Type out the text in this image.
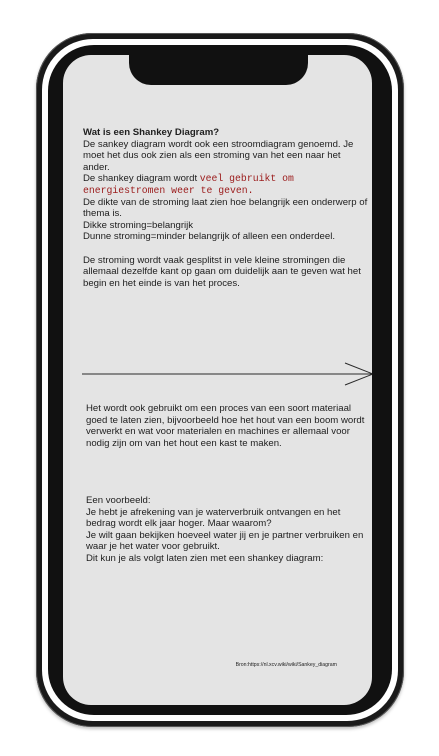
Wat is een Shankey Diagram?

De sankey diagram wordt ook een stroomdiagram genoemd. Je moet het dus ook zien als een stroming van het een naar het ander.

De shankey diagram wordt veel gebruikt om energiestromen weer te geven.

De dikte van de stroming laat zien hoe belangrijk een onderwerp of thema is.

Dikke stroming=belangrijk

Dunne stroming=minder belangrijk of alleen een onderdeel.

De stroming wordt vaak gesplitst in vele kleine stromingen die allemaal dezelfde kant op gaan om duidelijk aan te geven wat het begin en het einde is van het proces.

Het wordt ook gebruikt om een proces van een soort materiaal goed te laten zien, bijvoorbeeld hoe het hout van een boom wordt verwerkt en wat voor materialen en machines er allemaal voor nodig zijn om van het hout een kast te maken.

Een voorbeeld:

Je hebt je afrekening van je waterverbruik ontvangen en het bedrag wordt elk jaar hoger. Maar waarom?

Je wilt gaan bekijken hoeveel water jij en je partner verbruiken en waar je het water voor gebruikt.

Dit kun je als volgt laten zien met een shankey diagram:

Bron:https://nl.xcv.wiki/wiki/Sankey_diagram
